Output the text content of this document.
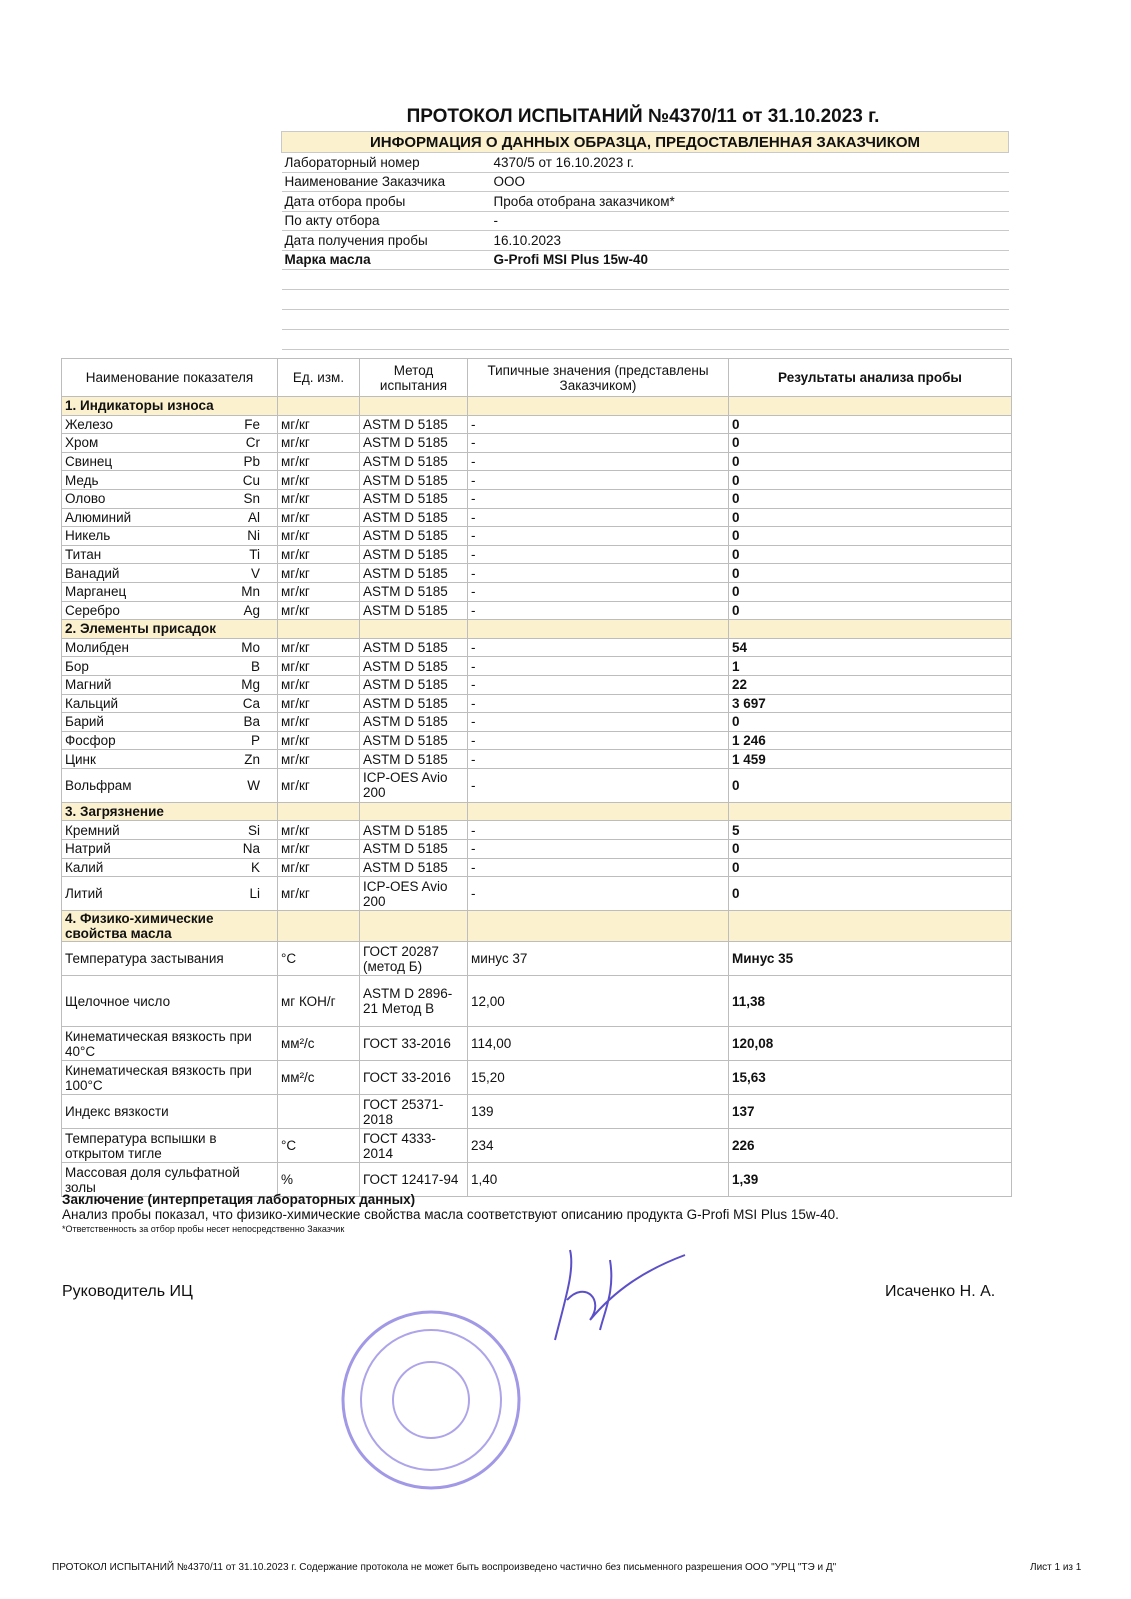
ПРОТОКОЛ ИСПЫТАНИЙ №4370/11 от 31.10.2023 г.
ИНФОРМАЦИЯ О ДАННЫХ ОБРАЗЦА, ПРЕДОСТАВЛЕННАЯ ЗАКАЗЧИКОМ	
Лабораторный номер	4370/5 от 16.10.2023 г.
Наименование Заказчика	ООО
Дата отбора пробы	Проба отобрана заказчиком*
По акту отбора	-
Дата получения пробы	16.10.2023
Марка масла	G-Profi MSI Plus 15w-40

Наименование показателя	Ед. изм.	Метод испытания	Типичные значения (представлены Заказчиком)	Результаты анализа пробы
1. Индикаторы износа				

Железо Fe	мг/кг	ASTM D 5185	-	0

Хром Cr	мг/кг	ASTM D 5185	-	0

Свинец Pb	мг/кг	ASTM D 5185	-	0

Медь Cu	мг/кг	ASTM D 5185	-	0

Олово Sn	мг/кг	ASTM D 5185	-	0

Алюминий Al	мг/кг	ASTM D 5185	-	0

Никель Ni	мг/кг	ASTM D 5185	-	0

Титан Ti	мг/кг	ASTM D 5185	-	0

Ванадий V	мг/кг	ASTM D 5185	-	0

Марганец Mn	мг/кг	ASTM D 5185	-	0

Серебро Ag	мг/кг	ASTM D 5185	-	0
2. Элементы присадок				

Молибден Mo	мг/кг	ASTM D 5185	-	54

Бор B	мг/кг	ASTM D 5185	-	1

Магний Mg	мг/кг	ASTM D 5185	-	22

Кальций Ca	мг/кг	ASTM D 5185	-	3 697

Барий Ba	мг/кг	ASTM D 5185	-	0

Фосфор P	мг/кг	ASTM D 5185	-	1 246

Цинк Zn	мг/кг	ASTM D 5185	-	1 459

Вольфрам W	мг/кг	ICP-OES Avio 200	-	0
3. Загрязнение				

Кремний Si	мг/кг	ASTM D 5185	-	5

Натрий Na	мг/кг	ASTM D 5185	-	0

Калий K	мг/кг	ASTM D 5185	-	0

Литий Li	мг/кг	ICP-OES Avio 200	-	0
4. Физико-химические свойства масла				

Температура застывания	°С	ГОСТ 20287 (метод Б)	минус 37	Минус 35

Щелочное число	мг КОН/г	ASTM D 2896-21 Метод В	12,00	11,38

Кинематическая вязкость при 40°С	мм²/с	ГОСТ 33-2016	114,00	120,08

Кинематическая вязкость при 100°С	мм²/с	ГОСТ 33-2016	15,20	15,63

Индекс вязкости		ГОСТ 25371-2018	139	137

Температура вспышки в открытом тигле	°С	ГОСТ 4333-2014	234	226

Массовая доля сульфатной золы	%	ГОСТ 12417-94	1,40	1,39
Заключение (интерпретация лабораторных данных)
Анализ пробы показал, что физико-химические свойства масла соответствуют описанию продукта G-Profi MSI Plus 15w-40.
*Ответственность за отбор пробы несет непосредственно Заказчик
Руководитель ИЦ	Исаченко Н. А.
ПРОТОКОЛ ИСПЫТАНИЙ №4370/11 от 31.10.2023 г. Содержание протокола не может быть воспроизведено частично без письменного разрешения ООО "УРЦ "ТЭ и Д"	Лист 1 из 1
